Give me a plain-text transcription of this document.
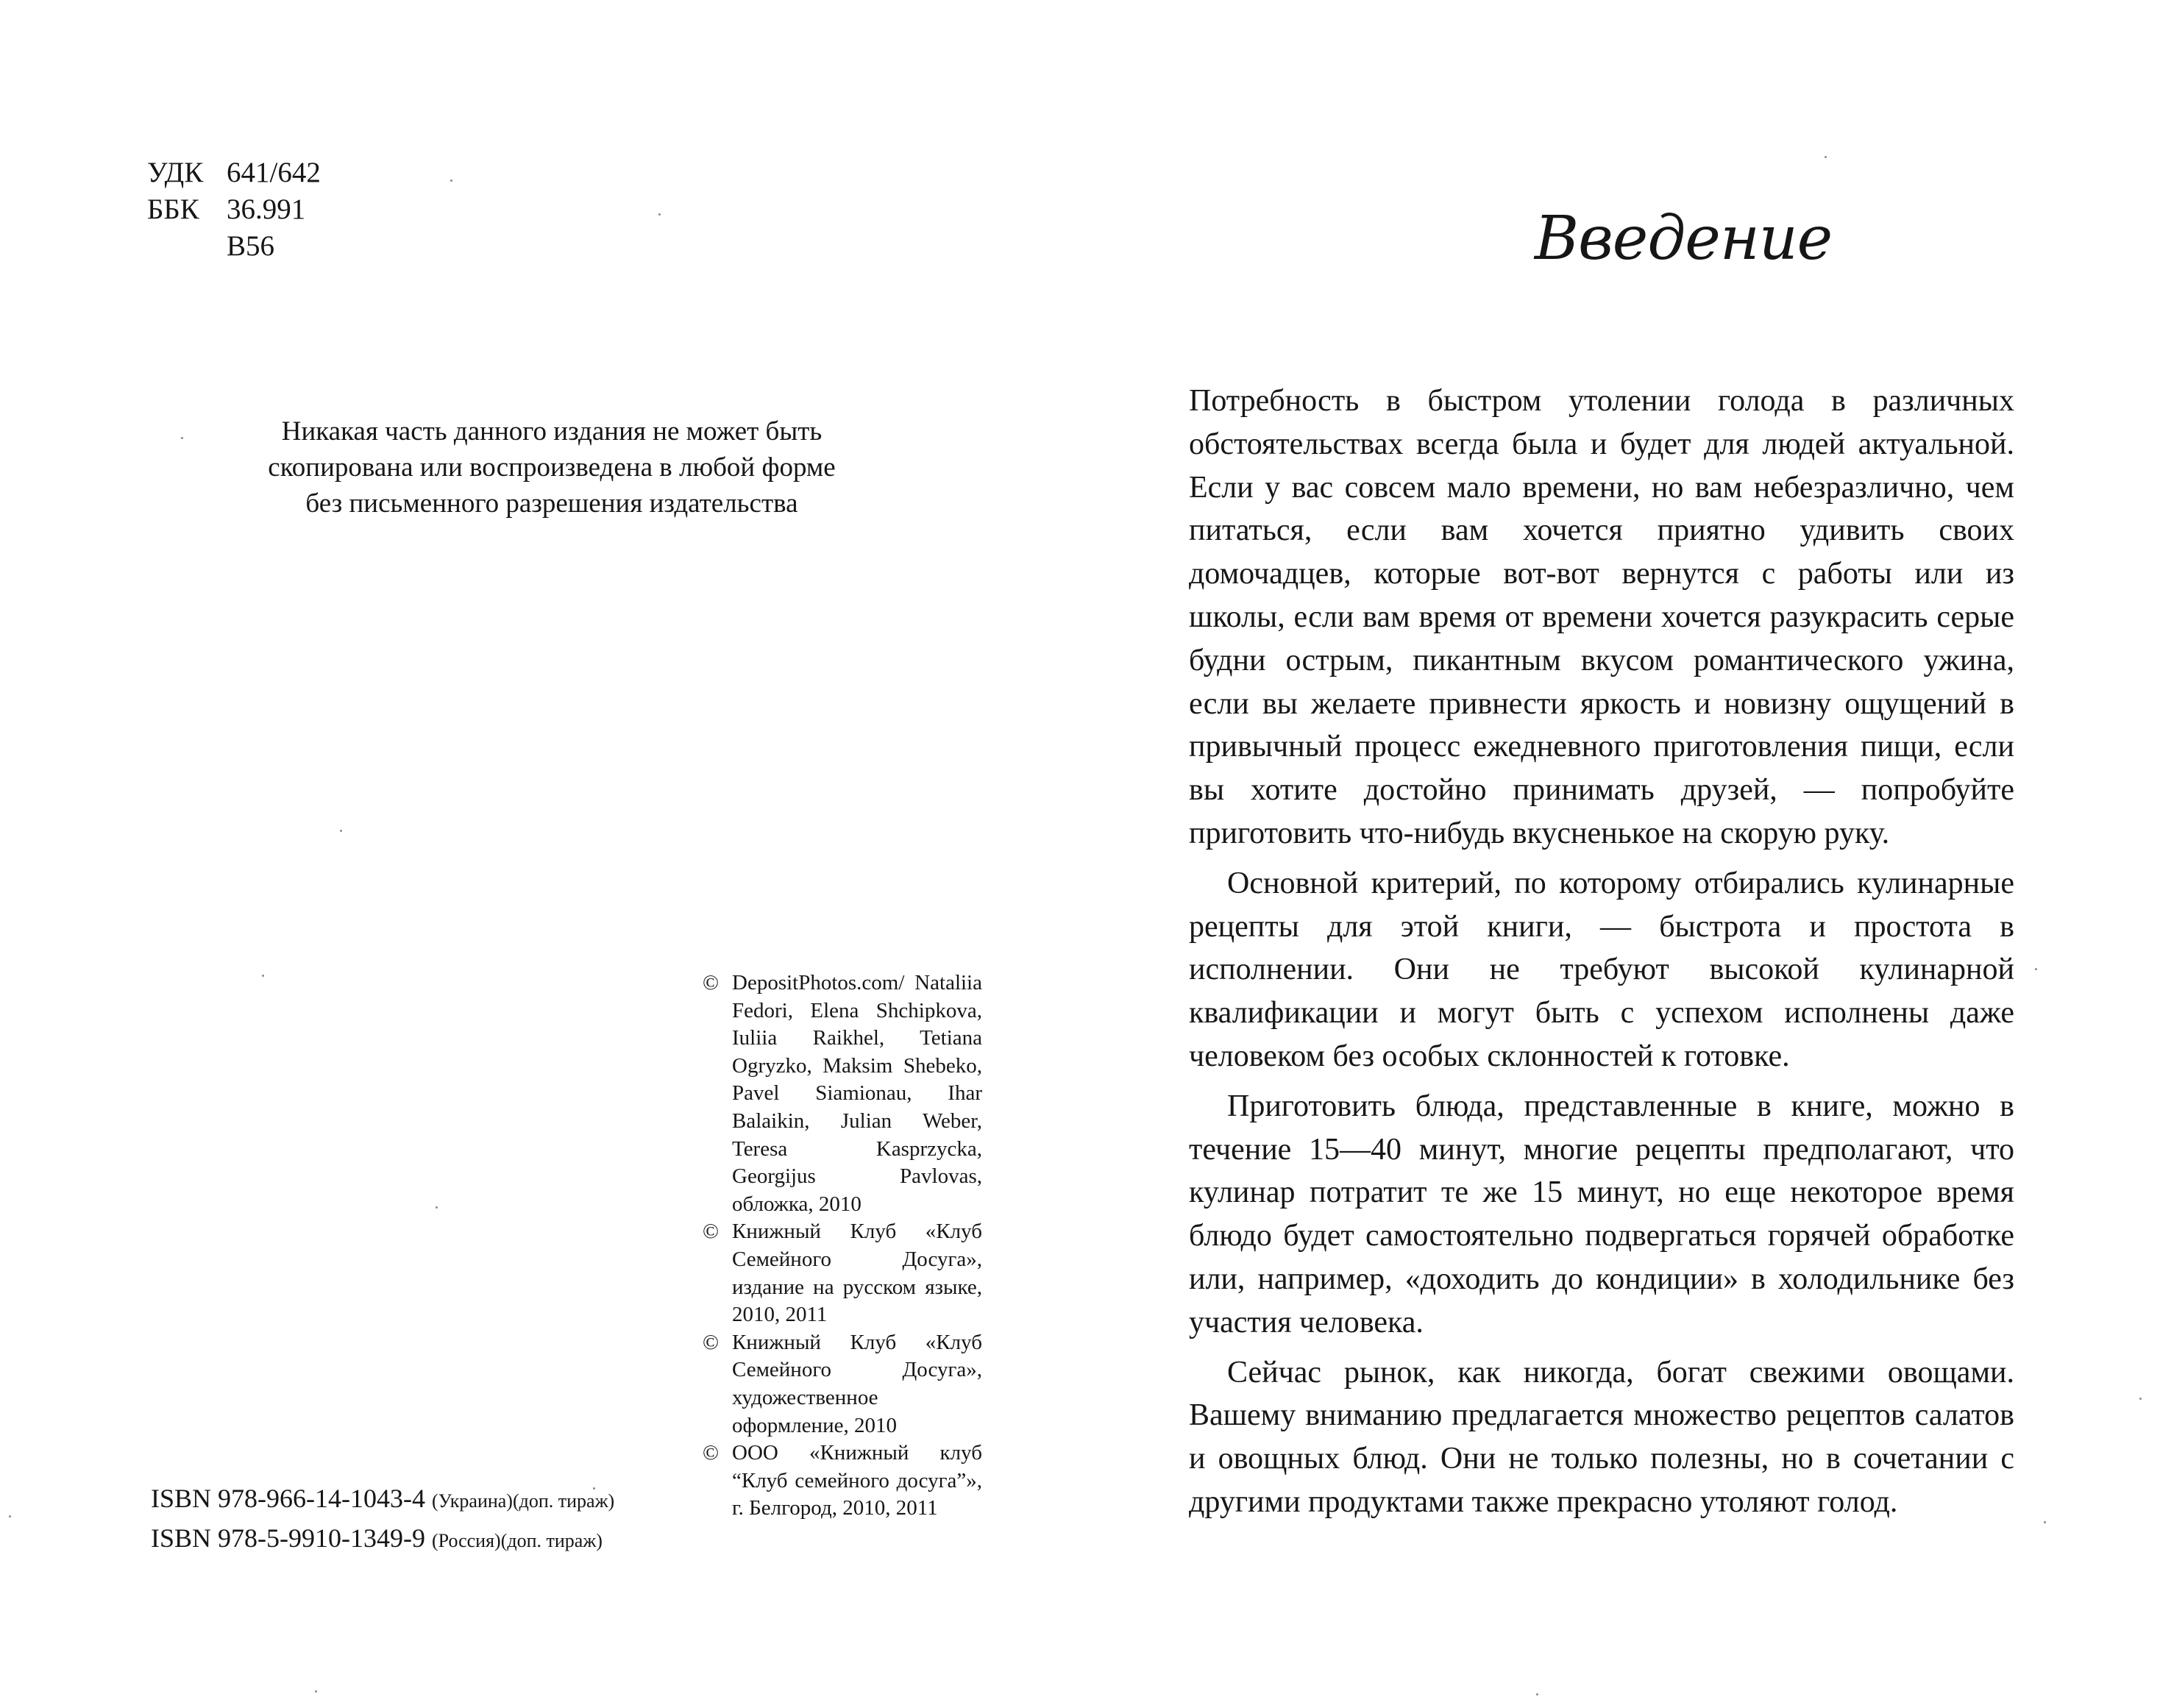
УДК 641/642
ББК 36.991
В56
Никакая часть данного издания не может быть
скопирована или воспроизведена в любой форме
без письменного разрешения издательства
© DepositPhotos.com/ Nataliia Fedori, Elena Shchipkova, Iuliia Raikhel, Tetiana Ogryzko, Maksim Shebeko, Pavel Siamionau, Ihar Balaikin, Julian Weber, Teresa Kasprzycka, Georgijus Pavlovas, обложка, 2010
© Книжный Клуб «Клуб Семейного Досуга», издание на русском языке, 2010, 2011
© Книжный Клуб «Клуб Семейного Досуга», художественное оформление, 2010
© ООО «Книжный клуб “Клуб семейного досуга”», г. Белгород, 2010, 2011
ISBN 978-966-14-1043-4 (Украина)(доп. тираж)
ISBN 978-5-9910-1349-9 (Россия)(доп. тираж)
Введение

Потребность в быстром утолении голода в различных обстоятельствах всегда была и будет для людей актуальной. Если у вас совсем мало времени, но вам небезразлично, чем питаться, если вам хочется приятно удивить своих домочадцев, которые вот-вот вернутся с работы или из школы, если вам время от времени хочется разукрасить серые будни острым, пикантным вкусом романтического ужина, если вы желаете привнести яркость и новизну ощущений в привычный процесс ежедневного приготовления пищи, если вы хотите достойно принимать друзей, — попробуйте приготовить что-нибудь вкусненькое на скорую руку.

Основной критерий, по которому отбирались кулинарные рецепты для этой книги, — быстрота и простота в исполнении. Они не требуют высокой кулинарной квалификации и могут быть с успехом исполнены даже человеком без особых склонностей к готовке.

Приготовить блюда, представленные в книге, можно в течение 15—40 минут, многие рецепты предполагают, что кулинар потратит те же 15 минут, но еще некоторое время блюдо будет самостоятельно подвергаться горячей обработке или, например, «доходить до кондиции» в холодильнике без участия человека.

Сейчас рынок, как никогда, богат свежими овощами. Вашему вниманию предлагается множество рецептов салатов и овощных блюд. Они не только полезны, но в сочетании с другими продуктами также прекрасно утоляют голод.
